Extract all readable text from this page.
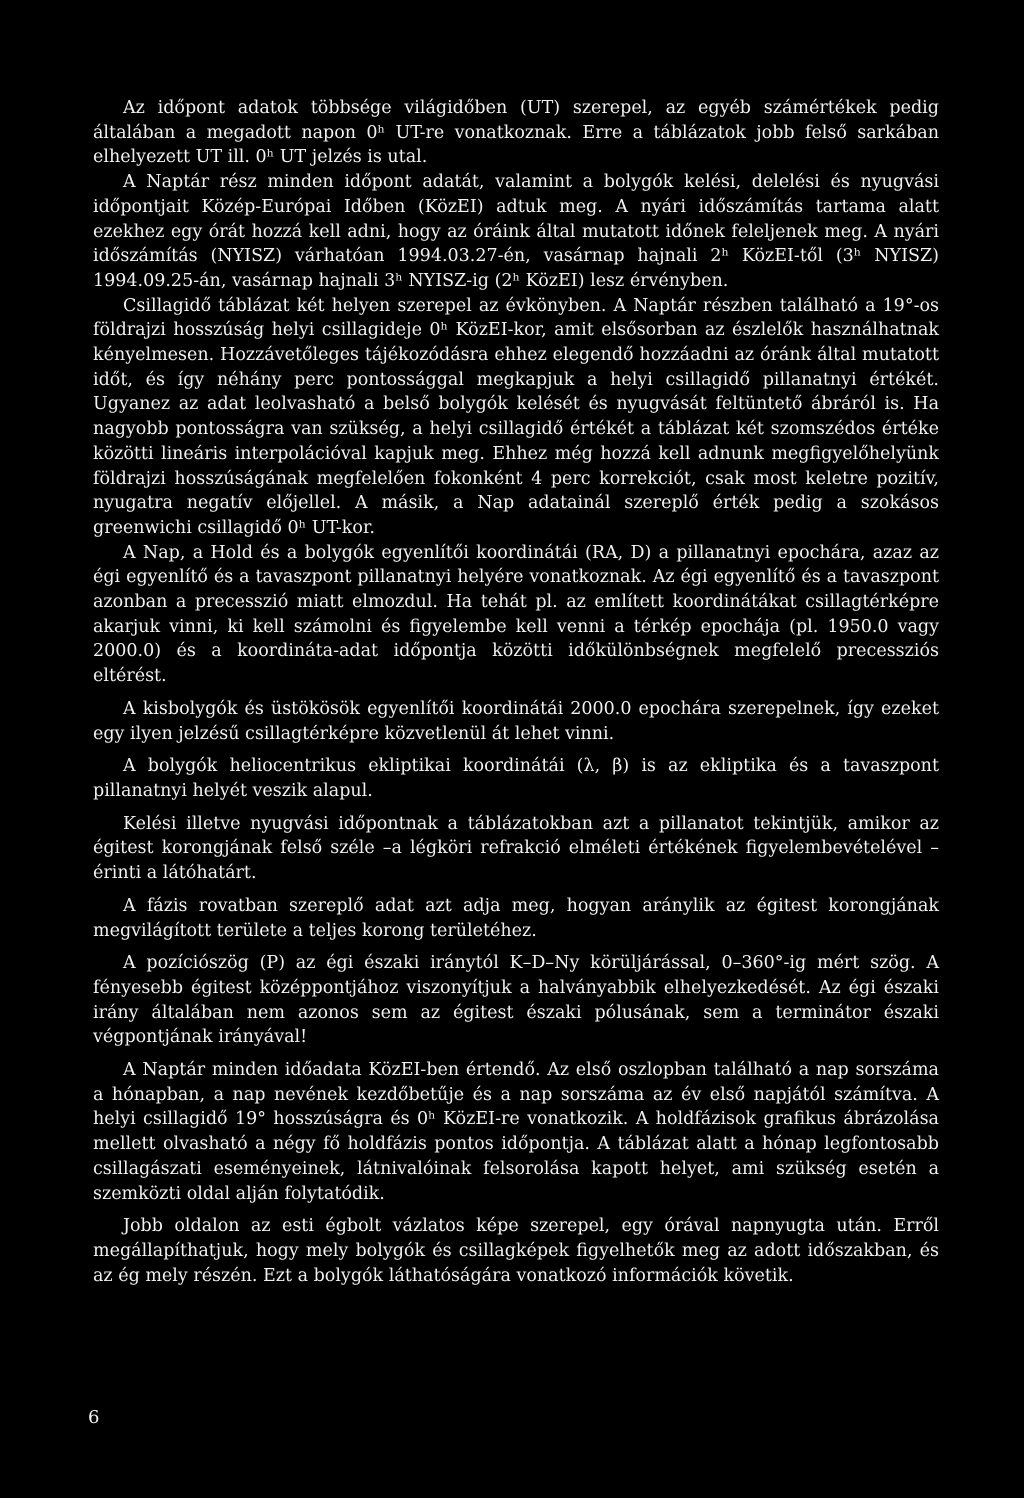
Az időpont adatok többsége világidőben (UT) szerepel, az egyéb számértékek pedig általában a megadott napon 0ʰ UT-re vonatkoznak. Erre a táblázatok jobb felső sarkában elhelyezett UT ill. 0ʰ UT jelzés is utal.

A Naptár rész minden időpont adatát, valamint a bolygók kelési, delelési és nyugvási időpontjait Közép-Európai Időben (KözEI) adtuk meg. A nyári időszámítás tartama alatt ezekhez egy órát hozzá kell adni, hogy az óráink által mutatott időnek feleljenek meg. A nyári időszámítás (NYISZ) várhatóan 1994.03.27-én, vasárnap hajnali 2ʰ KözEI-től (3ʰ NYISZ) 1994.09.25-án, vasárnap hajnali 3ʰ NYISZ-ig (2ʰ KözEI) lesz érvényben.

Csillagidő táblázat két helyen szerepel az évkönyben. A Naptár részben található a 19°-os földrajzi hosszúság helyi csillagideje 0ʰ KözEI-kor, amit elsősorban az észlelők használhatnak kényelmesen. Hozzávetőleges tájékozódásra ehhez elegendő hozzáadni az óránk által mutatott időt, és így néhány perc pontossággal megkapjuk a helyi csillagidő pillanatnyi értékét. Ugyanez az adat leolvasható a belső bolygók kelését és nyugvását feltüntető ábráról is. Ha nagyobb pontosságra van szükség, a helyi csillagidő értékét a táblázat két szomszédos értéke közötti lineáris interpolációval kapjuk meg. Ehhez még hozzá kell adnunk megfigyelőhelyünk földrajzi hosszúságának megfelelően fokonként 4 perc korrekciót, csak most keletre pozitív, nyugatra negatív előjellel. A másik, a Nap adatainál szereplő érték pedig a szokásos greenwichi csillagidő 0ʰ UT-kor.

A Nap, a Hold és a bolygók egyenlítői koordinátái (RA, D) a pillanatnyi epochára, azaz az égi egyenlítő és a tavaszpont pillanatnyi helyére vonatkoznak. Az égi egyenlítő és a tavaszpont azonban a precesszió miatt elmozdul. Ha tehát pl. az említett koordinátákat csillagtérképre akarjuk vinni, ki kell számolni és figyelembe kell venni a térkép epochája (pl. 1950.0 vagy 2000.0) és a koordináta-adat időpontja közötti időkülönbségnek megfelelő precessziós eltérést.

A kisbolygók és üstökösök egyenlítői koordinátái 2000.0 epochára szerepelnek, így ezeket egy ilyen jelzésű csillagtérképre közvetlenül át lehet vinni.

A bolygók heliocentrikus ekliptikai koordinátái (λ, β) is az ekliptika és a tavaszpont pillanatnyi helyét veszik alapul.

Kelési illetve nyugvási időpontnak a táblázatokban azt a pillanatot tekintjük, amikor az égitest korongjának felső széle –a légköri refrakció elméleti értékének figyelembevételével – érinti a látóhatárt.

A fázis rovatban szereplő adat azt adja meg, hogyan aránylik az égitest korongjának megvilágított területe a teljes korong területéhez.

A pozíciószög (P) az égi északi iránytól K–D–Ny körüljárással, 0–360°-ig mért szög. A fényesebb égitest középpontjához viszonyítjuk a halványabbik elhelyezkedését. Az égi északi irány általában nem azonos sem az égitest északi pólusának, sem a terminátor északi végpontjának irányával!

A Naptár minden időadata KözEI-ben értendő. Az első oszlopban található a nap sorszáma a hónapban, a nap nevének kezdőbetűje és a nap sorszáma az év első napjától számítva. A helyi csillagidő 19° hosszúságra és 0ʰ KözEI-re vonatkozik. A holdfázisok grafikus ábrázolása mellett olvasható a négy fő holdfázis pontos időpontja. A táblázat alatt a hónap legfontosabb csillagászati eseményeinek, látnivalóinak felsorolása kapott helyet, ami szükség esetén a szemközti oldal alján folytatódik.

Jobb oldalon az esti égbolt vázlatos képe szerepel, egy órával napnyugta után. Erről megállapíthatjuk, hogy mely bolygók és csillagképek figyelhetők meg az adott időszakban, és az ég mely részén. Ezt a bolygók láthatóságára vonatkozó információk követik.

6
